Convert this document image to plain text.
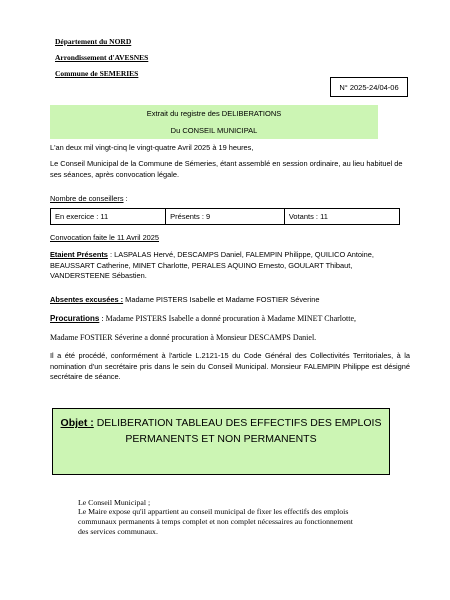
Département du NORD
Arrondissement d'AVESNES
Commune de SEMERIES
N° 2025-24/04-06
Extrait du registre des DELIBERATIONS
Du CONSEIL MUNICIPAL
L'an deux mil vingt-cinq le vingt-quatre Avril 2025 à 19 heures,
Le Conseil Municipal de la Commune de Sémeries, étant assemblé en session ordinaire, au lieu habituel de ses séances, après convocation légale.
Nombre de conseillers :
En exercice : 11	Présents : 9	Votants : 11
Convocation faite le 11 Avril 2025
Etaient Présents : LASPALAS Hervé, DESCAMPS Daniel, FALEMPIN Philippe, QUILICO Antoine, BEAUSSART Catherine, MINET Charlotte, PERALES AQUINO Ernesto, GOULART Thibaut, VANDERSTEENE Sébastien.
Absentes excusées : Madame PISTERS Isabelle et Madame FOSTIER Séverine
Procurations : Madame PISTERS Isabelle a donné procuration à Madame MINET Charlotte,
Madame FOSTIER Séverine a donné procuration à Monsieur DESCAMPS Daniel.
Il a été procédé, conformément à l'article L.2121-15 du Code Général des Collectivités Territoriales, à la nomination d'un secrétaire pris dans le sein du Conseil Municipal. Monsieur FALEMPIN Philippe est désigné secrétaire de séance.
Objet : DELIBERATION TABLEAU DES EFFECTIFS DES EMPLOIS
PERMANENTS ET NON PERMANENTS
Le Conseil Municipal ;
Le Maire expose qu'il appartient au conseil municipal de fixer les effectifs des emplois
communaux permanents à temps complet et non complet nécessaires au fonctionnement
des services communaux.
